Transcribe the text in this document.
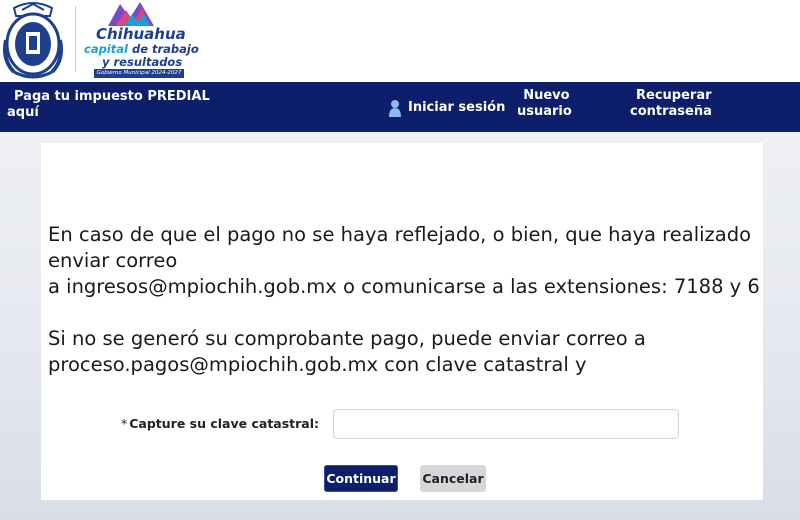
Chihuahua
capital de trabajo
y resultados
Gobierno Municipal 2024-2027
Paga tu impuesto PREDIAL
aquí	Iniciar sesión
Nuevo
usuario
Recuperar
contraseña

En caso de que el pago no se haya reflejado, o bien, que haya realizado

enviar correo

a ingresos@mpiochih.gob.mx o comunicarse a las extensiones: 7188 y 6

Si no se generó su comprobante pago, puede enviar correo a

proceso.pagos@mpiochih.gob.mx con clave catastral y

* Capture su clave catastral:
Continuar Cancelar
